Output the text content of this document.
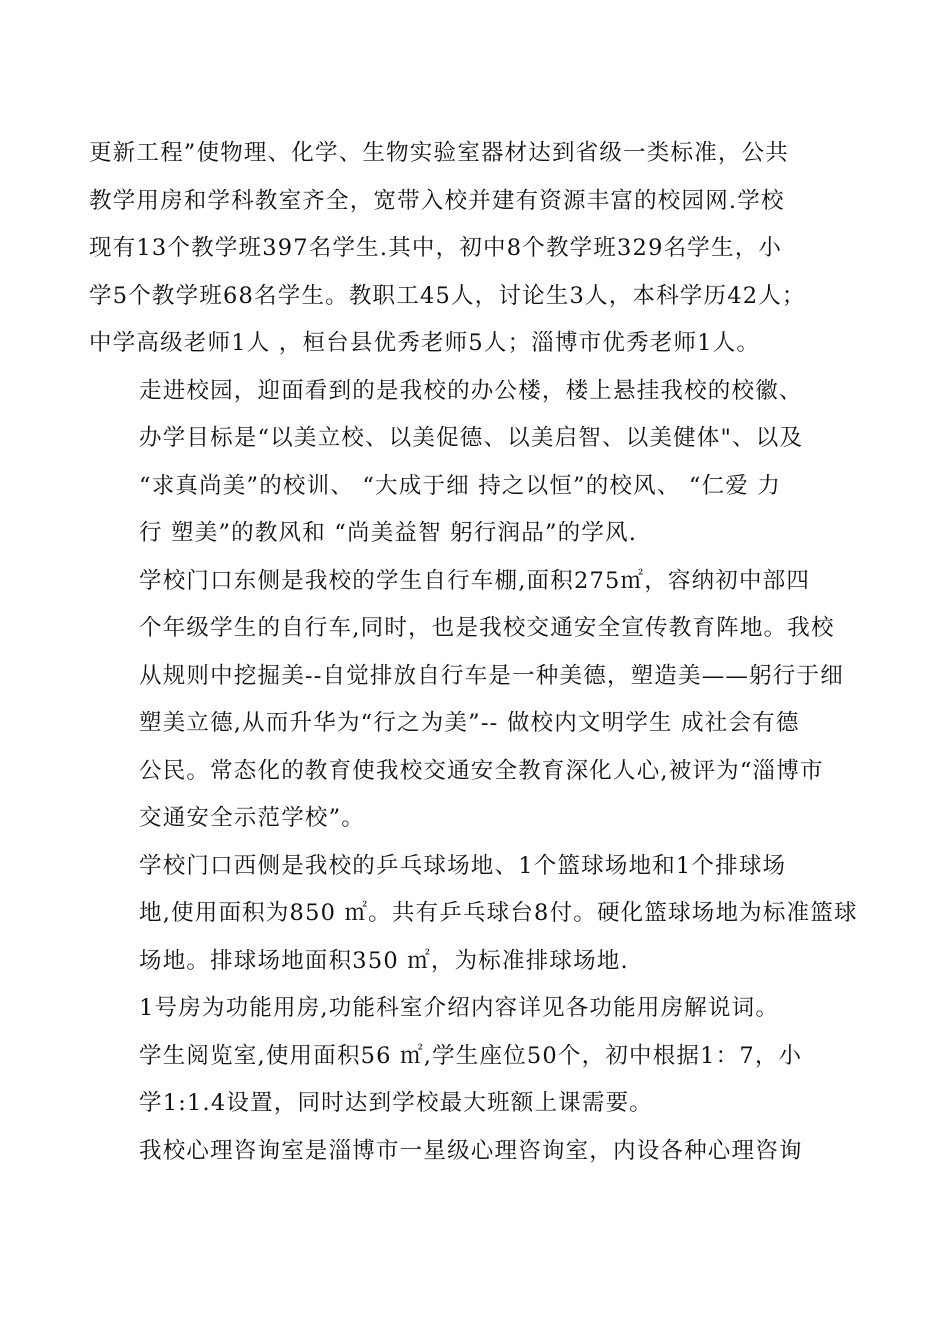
更新工程”使物理、化学、生物实验室器材达到省级一类标准，公共
教学用房和学科教室齐全，宽带入校并建有资源丰富的校园网.学校
现有13个教学班397名学生.其中，初中8个教学班329名学生，小
学5个教学班68名学生。教职工45人，讨论生3人，本科学历42人；
中学高级老师1人 ，桓台县优秀老师5人；淄博市优秀老师1人。
走进校园，迎面看到的是我校的办公楼，楼上悬挂我校的校徽、
办学目标是“以美立校、以美促德、以美启智、以美健体"、以及
“求真尚美”的校训、 “大成于细 持之以恒”的校风、 “仁爱 力
行 塑美”的教风和 “尚美益智 躬行润品”的学风.
学校门口东侧是我校的学生自行车棚,面积275㎡，容纳初中部四
个年级学生的自行车,同时，也是我校交通安全宣传教育阵地。我校
从规则中挖掘美--自觉排放自行车是一种美德，塑造美——躬行于细
塑美立德,从而升华为“行之为美”-- 做校内文明学生 成社会有德
公民。常态化的教育使我校交通安全教育深化人心,被评为“淄博市
交通安全示范学校”。
学校门口西侧是我校的乒乓球场地、1个篮球场地和1个排球场
地,使用面积为850 ㎡。共有乒乓球台8付。硬化篮球场地为标准篮球
场地。排球场地面积350 ㎡，为标准排球场地.
1号房为功能用房,功能科室介绍内容详见各功能用房解说词。
学生阅览室,使用面积56 ㎡,学生座位50个，初中根据1：7，小
学1:1.4设置，同时达到学校最大班额上课需要。
我校心理咨询室是淄博市一星级心理咨询室，内设各种心理咨询
